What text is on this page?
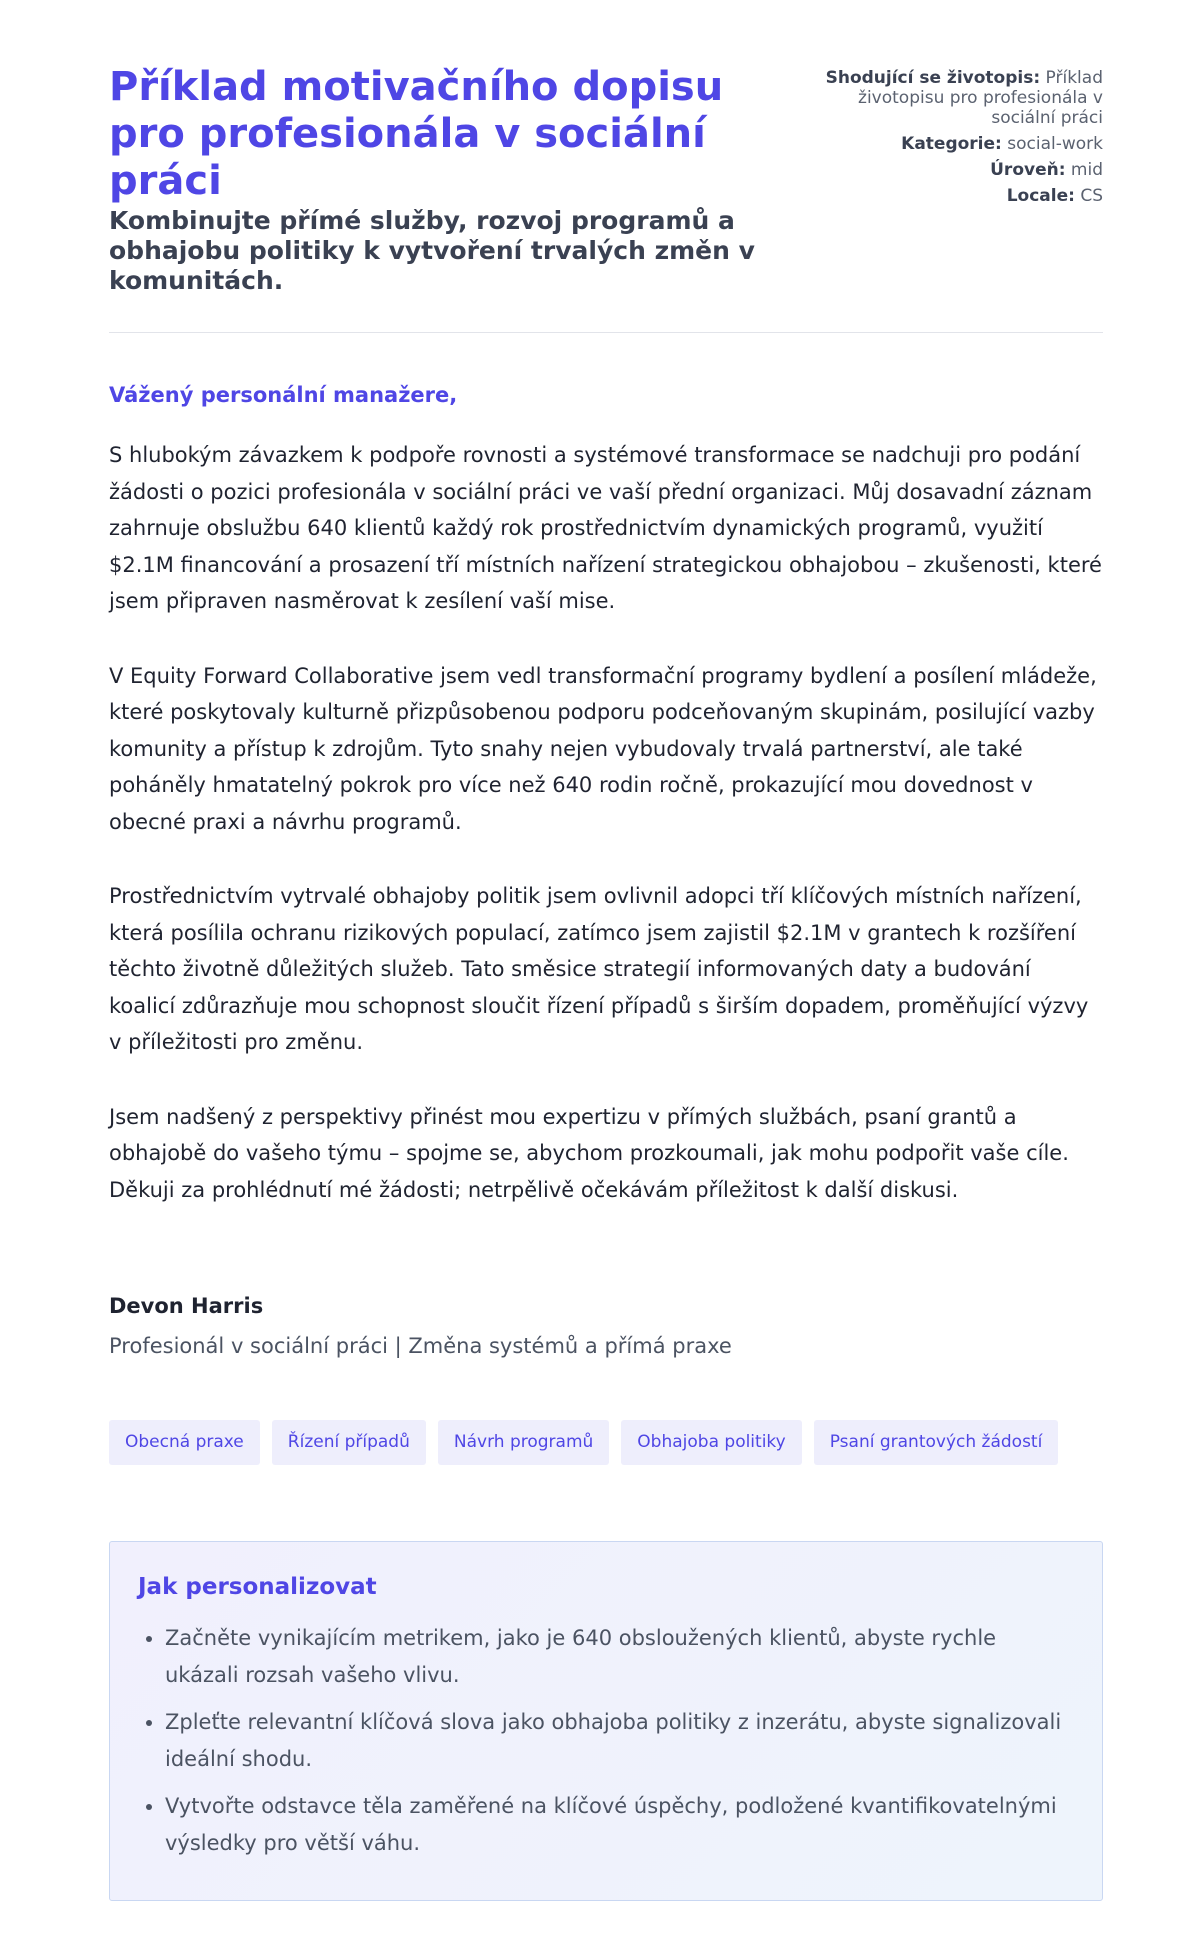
Příklad motivačního dopisu pro profesionála v sociální práci
Kombinujte přímé služby, rozvoj programů a obhajobu politiky k vytvoření trvalých změn v komunitách.
Shodující se životopis: Příklad životopisu pro profesionála v sociální práci
Kategorie: social-work
Úroveň: mid
Locale: CS

Vážený personální manažere,

S hlubokým závazkem k podpoře rovnosti a systémové transformace se nadchuji pro podání žádosti o pozici profesionála v sociální práci ve vaší přední organizaci. Můj dosavadní záznam zahrnuje obslužbu 640 klientů každý rok prostřednictvím dynamických programů, využití $2.1M financování a prosazení tří místních nařízení strategickou obhajobou – zkušenosti, které jsem připraven nasměrovat k zesílení vaší mise.

V Equity Forward Collaborative jsem vedl transformační programy bydlení a posílení mládeže, které poskytovaly kulturně přizpůsobenou podporu podceňovaným skupinám, posilující vazby komunity a přístup k zdrojům. Tyto snahy nejen vybudovaly trvalá partnerství, ale také poháněly hmatatelný pokrok pro více než 640 rodin ročně, prokazující mou dovednost v obecné praxi a návrhu programů.

Prostřednictvím vytrvalé obhajoby politik jsem ovlivnil adopci tří klíčových místních nařízení, která posílila ochranu rizikových populací, zatímco jsem zajistil $2.1M v grantech k rozšíření těchto životně důležitých služeb. Tato směsice strategií informovaných daty a budování koalicí zdůrazňuje mou schopnost sloučit řízení případů s širším dopadem, proměňující výzvy v příležitosti pro změnu.

Jsem nadšený z perspektivy přinést mou expertizu v přímých službách, psaní grantů a obhajobě do vašeho týmu – spojme se, abychom prozkoumali, jak mohu podpořit vaše cíle. Děkuji za prohlédnutí mé žádosti; netrpělivě očekávám příležitost k další diskusi.

Devon Harris
Profesionál v sociální práci | Změna systémů a přímá praxe
Obecná praxe	Řízení případů	Návrh programů	Obhajoba politiky	Psaní grantových žádostí
Jak personalizovat
• Začněte vynikajícím metrikem, jako je 640 obsloužených klientů, abyste rychle ukázali rozsah vašeho vlivu.
• Zpleťte relevantní klíčová slova jako obhajoba politiky z inzerátu, abyste signalizovali ideální shodu.
• Vytvořte odstavce těla zaměřené na klíčové úspěchy, podložené kvantifikovatelnými výsledky pro větší váhu.
